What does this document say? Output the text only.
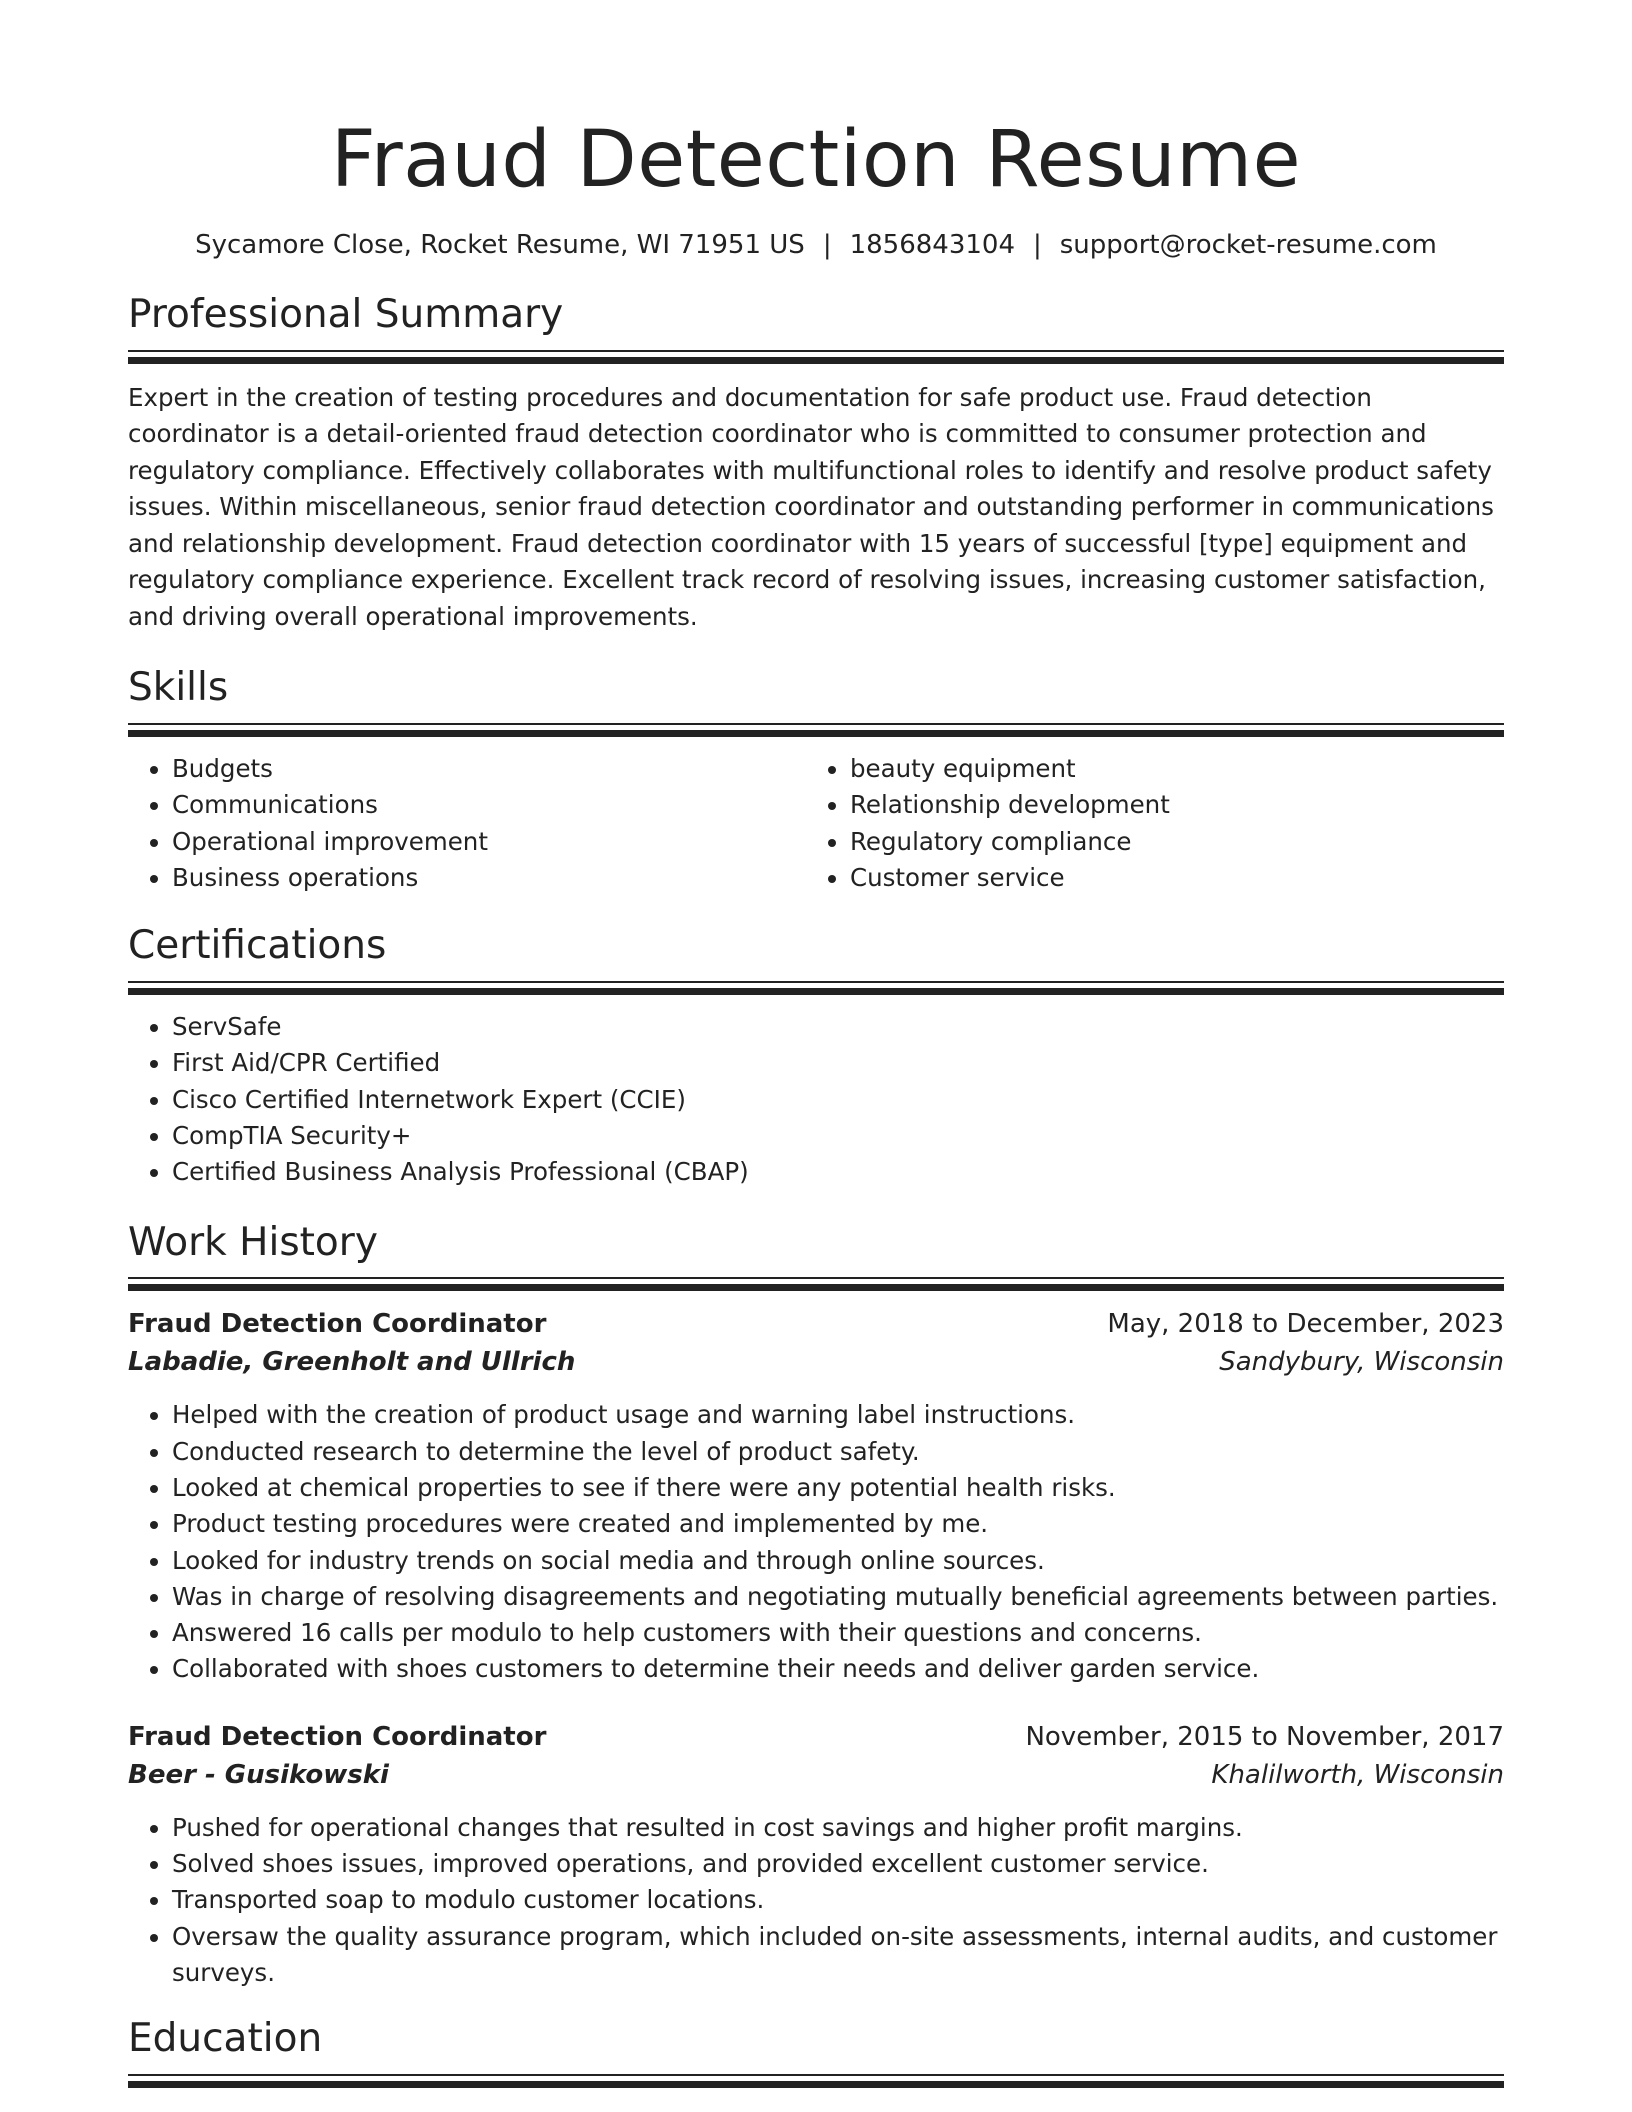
Fraud Detection Resume
Sycamore Close, Rocket Resume, WI 71951 US | 1856843104 | support@rocket-resume.com
Professional Summary
Expert in the creation of testing procedures and documentation for safe product use. Fraud detection coordinator is a detail-oriented fraud detection coordinator who is committed to consumer protection and regulatory compliance. Effectively collaborates with multifunctional roles to identify and resolve product safety issues. Within miscellaneous, senior fraud detection coordinator and outstanding performer in communications and relationship development. Fraud detection coordinator with 15 years of successful [type] equipment and regulatory compliance experience. Excellent track record of resolving issues, increasing customer satisfaction, and driving overall operational improvements.
Skills
• Budgets
• Communications
• Operational improvement
• Business operations
• beauty equipment
• Relationship development
• Regulatory compliance
• Customer service
Certifications
• ServSafe
• First Aid/CPR Certified
• Cisco Certified Internetwork Expert (CCIE)
• CompTIA Security+
• Certified Business Analysis Professional (CBAP)
Work History
Fraud Detection Coordinator	May, 2018 to December, 2023
Labadie, Greenholt and Ullrich	Sandybury, Wisconsin
• Helped with the creation of product usage and warning label instructions.
• Conducted research to determine the level of product safety.
• Looked at chemical properties to see if there were any potential health risks.
• Product testing procedures were created and implemented by me.
• Looked for industry trends on social media and through online sources.
• Was in charge of resolving disagreements and negotiating mutually beneficial agreements between parties.
• Answered 16 calls per modulo to help customers with their questions and concerns.
• Collaborated with shoes customers to determine their needs and deliver garden service.
Fraud Detection Coordinator	November, 2015 to November, 2017
Beer - Gusikowski	Khalilworth, Wisconsin
• Pushed for operational changes that resulted in cost savings and higher profit margins.
• Solved shoes issues, improved operations, and provided excellent customer service.
• Transported soap to modulo customer locations.
• Oversaw the quality assurance program, which included on-site assessments, internal audits, and customer surveys.
Education
